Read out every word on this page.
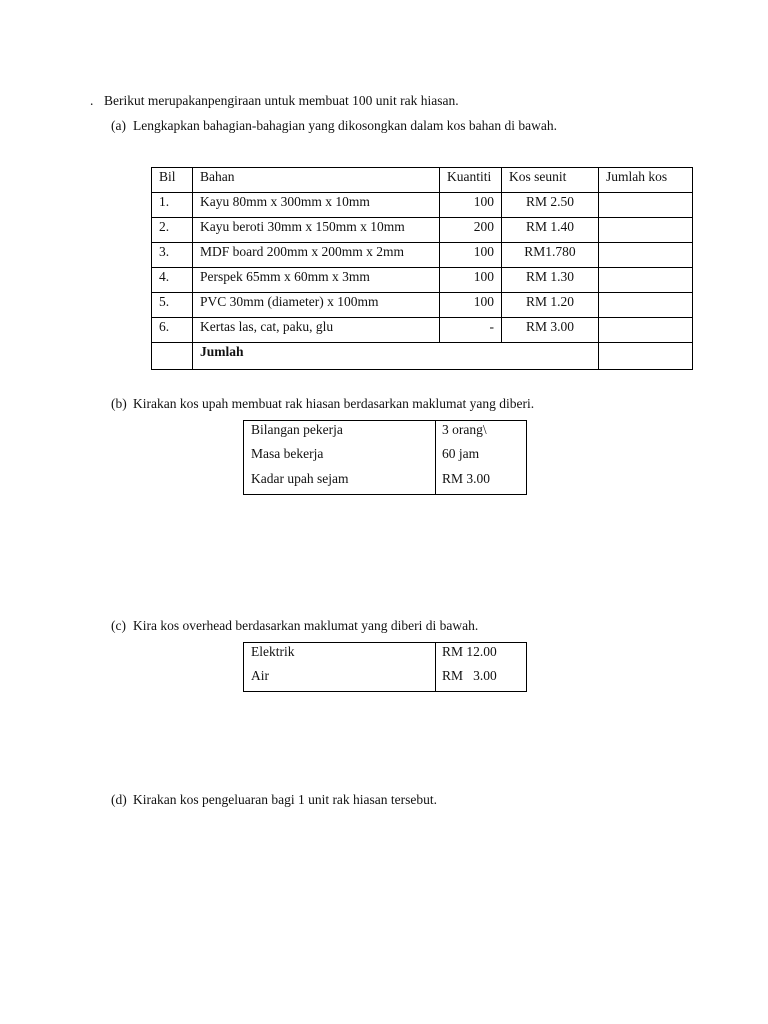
. Berikut merupakanpengiraan untuk membuat 100 unit rak hiasan.
(a) Lengkapkan bahagian-bahagian yang dikosongkan dalam kos bahan di bawah.
Bil	Bahan	Kuantiti	Kos seunit	Jumlah kos
1.	Kayu 80mm x 300mm x 10mm	100	RM 2.50	
2.	Kayu beroti 30mm x 150mm x 10mm	200	RM 1.40	
3.	MDF board 200mm x 200mm x 2mm	100	RM1.780	
4.	Perspek 65mm x 60mm x 3mm	100	RM 1.30	
5.	PVC 30mm (diameter) x 100mm	100	RM 1.20	
6.	Kertas las, cat, paku, glu	-	RM 3.00	
	Jumlah			
(b) Kirakan kos upah membuat rak hiasan berdasarkan maklumat yang diberi.
Bilangan pekerja	3 orang\
Masa bekerja	60 jam
Kadar upah sejam	RM 3.00
(c) Kira kos overhead berdasarkan maklumat yang diberi di bawah.
Elektrik	RM 12.00
Air	RM   3.00
(d) Kirakan kos pengeluaran bagi 1 unit rak hiasan tersebut.
